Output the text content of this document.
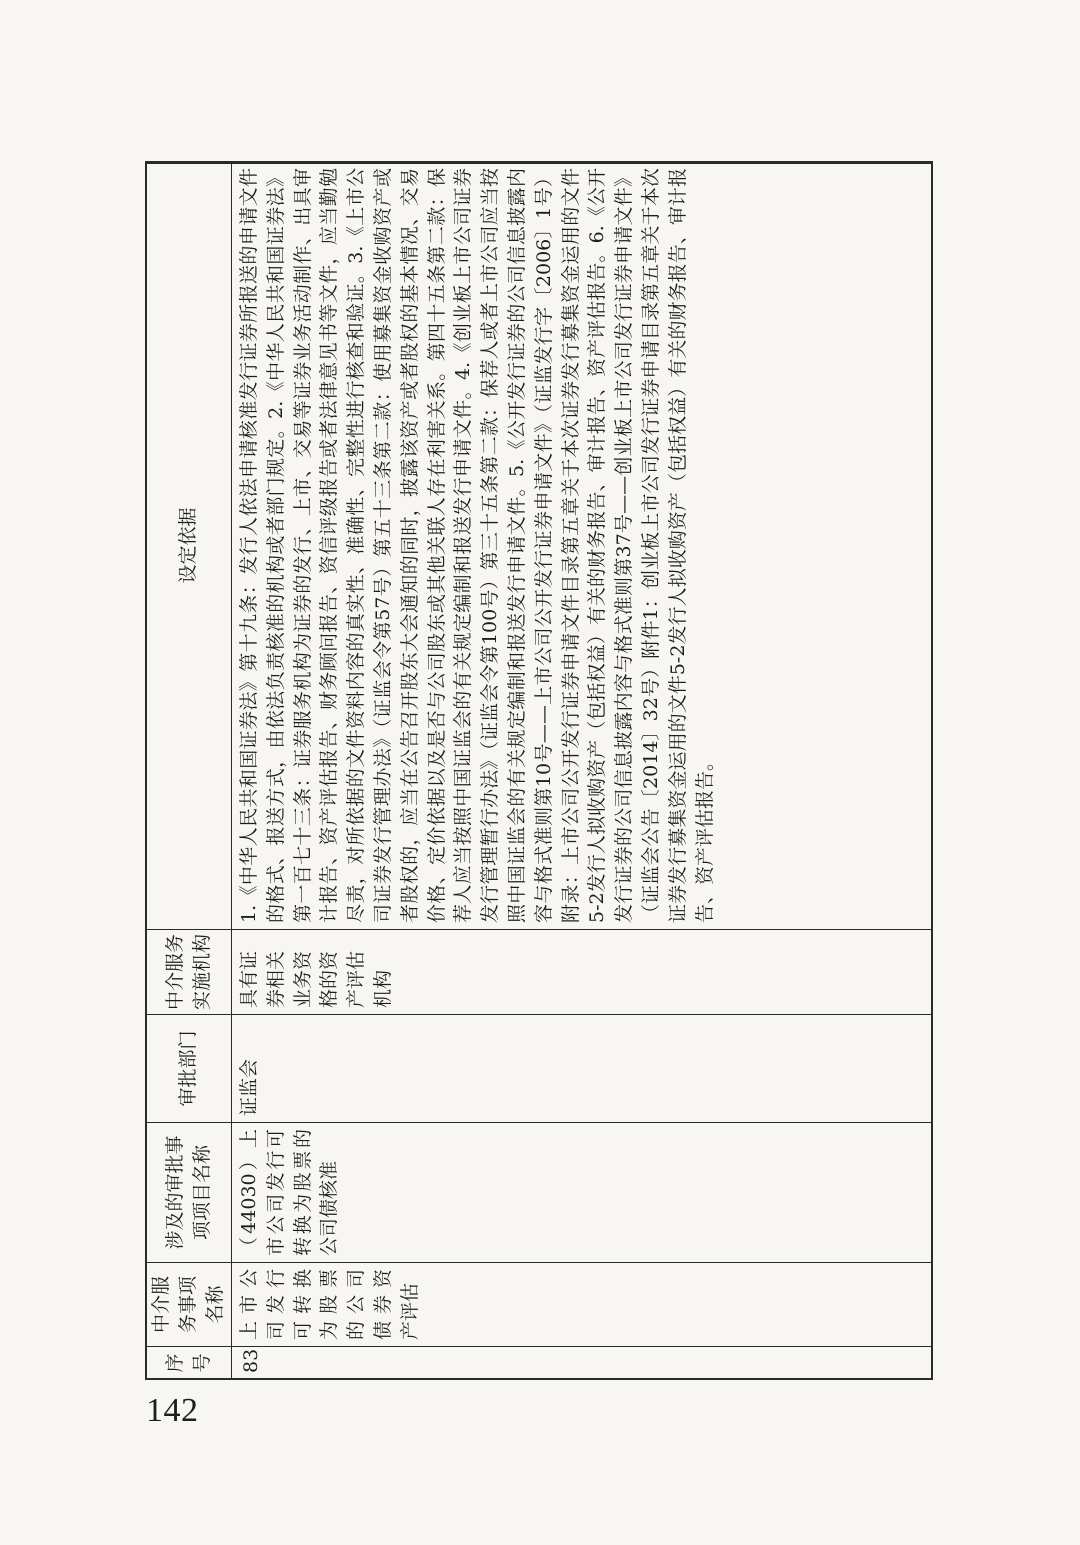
序号	中介服务事项名称	涉及的审批事项项目名称	审批部门	中介服务实施机构	设定依据
83	上市公司发行可转换为股票的公司债券资产评估	（44030）上市公司发行可转换为股票的公司债核准	证监会	具有证券相关业务资格的资产评估机构	1.《中华人民共和国证券法》第十九条：发行人依法申请核准发行证券所报送的申请文件的格式、报送方式，由依法负责核准的机构或者部门规定。2.《中华人民共和国证券法》第一百七十三条：证券服务机构为证券的发行、上市、交易等证券业务活动制作、出具审计报告、资产评估报告、财务顾问报告、资信评级报告或者法律意见书等文件，应当勤勉尽责，对所依据的文件资料内容的真实性、准确性、完整性进行核查和验证。3.《上市公司证券发行管理办法》（证监会令第57号）第五十三条第二款：使用募集资金收购资产或者股权的，应当在公告召开股东大会通知的同时，披露该资产或者股权的基本情况、交易价格、定价依据以及是否与公司股东或其他关联人存在利害关系。第四十五条第二款：保荐人应当按照中国证监会的有关规定编制和报送发行申请文件。4.《创业板上市公司证券发行管理暂行办法》（证监会令第100号）第三十五条第二款：保荐人或者上市公司应当按照中国证监会的有关规定编制和报送发行申请文件。5.《公开发行证券的公司信息披露内容与格式准则第10号——上市公司公开发行证券申请文件》（证监发行字〔2006〕1号）附录：上市公司公开发行证券申请文件目录第五章关于本次证券发行募集资金运用的文件5-2发行人拟收购资产（包括权益）有关的财务报告、审计报告、资产评估报告。6.《公开发行证券的公司信息披露内容与格式准则第37号——创业板上市公司发行证券申请文件》（证监会公告〔2014〕32号）附件1：创业板上市公司发行证券申请目录第五章关于本次证券发行募集资金运用的文件5-2发行人拟收购资产（包括权益）有关的财务报告、审计报告、资产评估报告。
142
